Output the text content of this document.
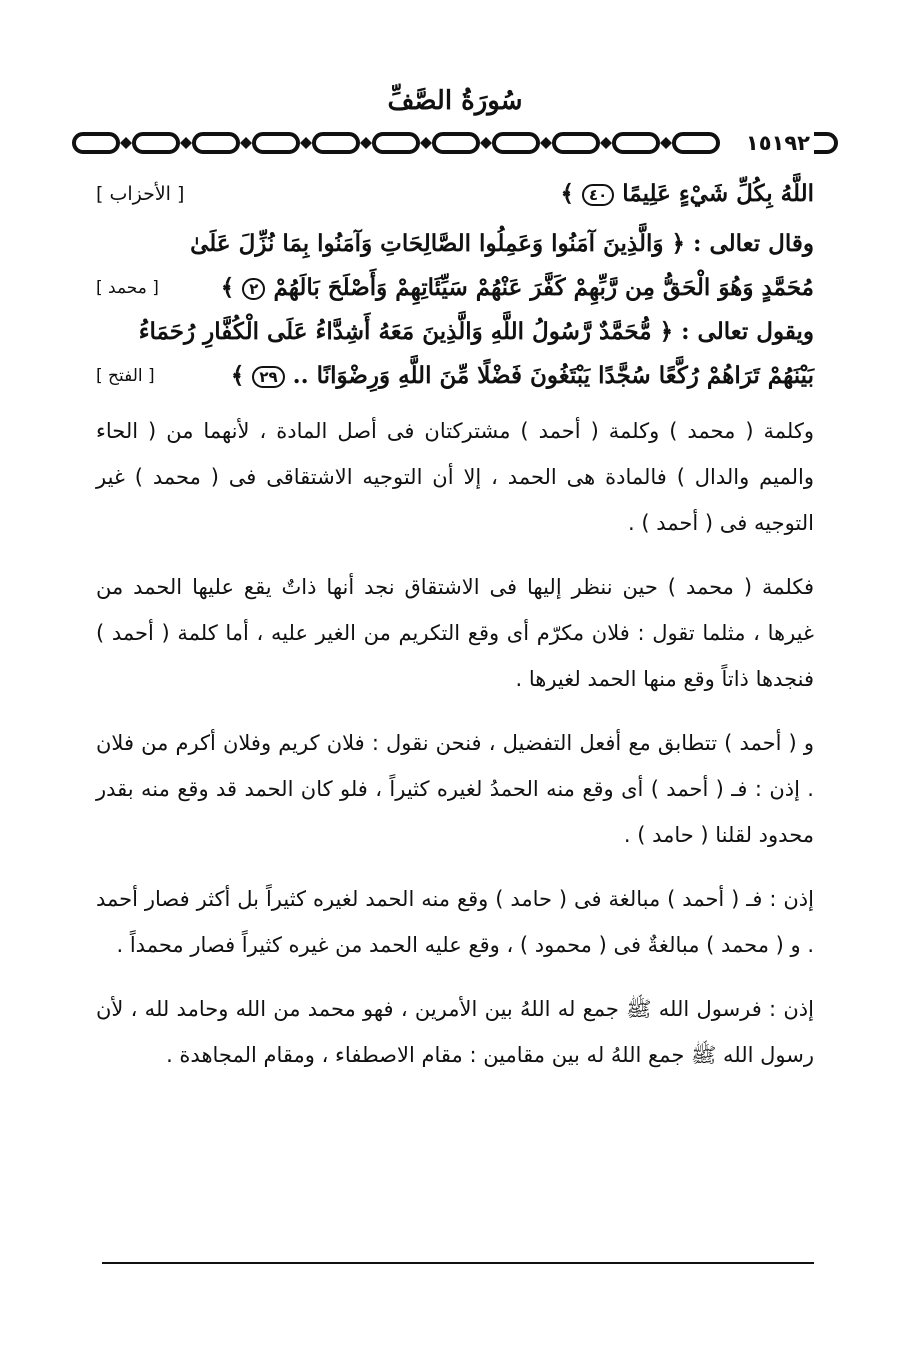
سُورَةُ الصَّفِّ
١٥١٩٢
اللَّهُ بِكُلِّ شَيْءٍ عَلِيمًا ٤٠ ﴾
[ الأحزاب ]
وقال تعالى : ﴿ وَالَّذِينَ آمَنُوا وَعَمِلُوا الصَّالِحَاتِ وَآمَنُوا بِمَا نُزِّلَ عَلَىٰ
مُحَمَّدٍ وَهُوَ الْحَقُّ مِن رَّبِّهِمْ كَفَّرَ عَنْهُمْ سَيِّئَاتِهِمْ وَأَصْلَحَ بَالَهُمْ ٢ ﴾
[ محمد ]
ويقول تعالى : ﴿ مُّحَمَّدٌ رَّسُولُ اللَّهِ وَالَّذِينَ مَعَهُ أَشِدَّاءُ عَلَى الْكُفَّارِ رُحَمَاءُ
بَيْنَهُمْ تَرَاهُمْ رُكَّعًا سُجَّدًا يَبْتَغُونَ فَضْلًا مِّنَ اللَّهِ وَرِضْوَانًا .. ٢٩ ﴾
[ الفتح ]

وكلمة ( محمد ) وكلمة ( أحمد ) مشتركتان فى أصل المادة ، لأنهما من ( الحاء والميم والدال ) فالمادة هى الحمد ، إلا أن التوجيه الاشتقاقى فى ( محمد ) غير التوجيه فى ( أحمد ) .

فكلمة ( محمد ) حين ننظر إليها فى الاشتقاق نجد أنها ذاتٌ يقع عليها الحمد من غيرها ، مثلما تقول : فلان مكرّم أى وقع التكريم من الغير عليه ، أما كلمة ( أحمد ) فنجدها ذاتاً وقع منها الحمد لغيرها .

و ( أحمد ) تتطابق مع أفعل التفضيل ، فنحن نقول : فلان كريم وفلان أكرم من فلان . إذن : فـ ( أحمد ) أى وقع منه الحمدُ لغيره كثيراً ، فلو كان الحمد قد وقع منه بقدر محدود لقلنا ( حامد ) .

إذن : فـ ( أحمد ) مبالغة فى ( حامد ) وقع منه الحمد لغيره كثيراً بل أكثر فصار أحمد . و ( محمد ) مبالغةٌ فى ( محمود ) ، وقع عليه الحمد من غيره كثيراً فصار محمداً .

إذن : فرسول الله ﷺ جمع له اللهُ بين الأمرين ، فهو محمد من الله وحامد لله ، لأن رسول الله ﷺ جمع اللهُ له بين مقامين : مقام الاصطفاء ، ومقام المجاهدة .
